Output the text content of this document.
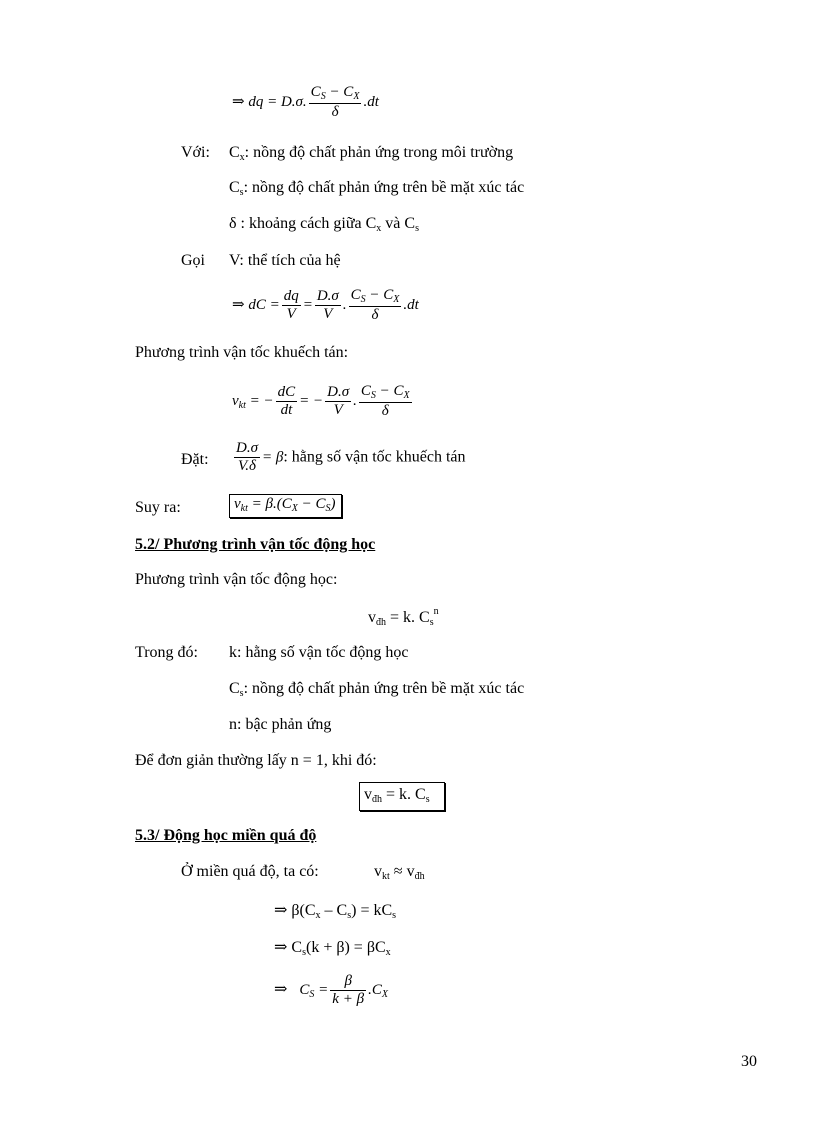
⇒ dq = D.σ. $\frac{C_S - C_X}{\delta} .dt$
Với: $C_x$: nồng độ chất phản ứng trong môi trường
$C_s$: nồng độ chất phản ứng trên bề mặt xúc tác
δ : khoảng cách giữa $C_x$ và $C_s$
Gọi V: thể tích của hệ
⇒ dC = $\frac{dq}{V} = \frac{D.\sigma}{V}$ . $\frac{C_S - C_X}{\delta} .dt$
Phương trình vận tốc khuếch tán:
$v_{kt}$ = − $\frac{dC}{dt}$ = − $\frac{D.\sigma}{V}$ . $\frac{C_S - C_X}{\delta}$
Đặt: $\frac{D.\sigma}{V.\delta} = \beta$: hằng số vận tốc khuếch tán
Suy ra:	$v_{kt} = \beta.(C_X - C_S)$
5.2/ Phương trình vận tốc động học
Phương trình vận tốc động học:
$v_{đh} = k$. $C_s^n$
Trong đó: k: hằng số vận tốc động học
$C_s$: nồng độ chất phản ứng trên bề mặt xúc tác
n: bậc phản ứng
Để đơn giản thường lấy n = 1, khi đó:
$v_{đh} = k$. $C_s$
5.3/ Động học miền quá độ
Ở miền quá độ, ta có:	$v_{kt} \approx v_{đh}$
⇒ $\beta(C_x - C_s) = kC_s$
⇒ $C_s(k + \beta) = \beta C_x$
⇒ $C_S = \frac{\beta}{k + \beta} .C_X$
30
